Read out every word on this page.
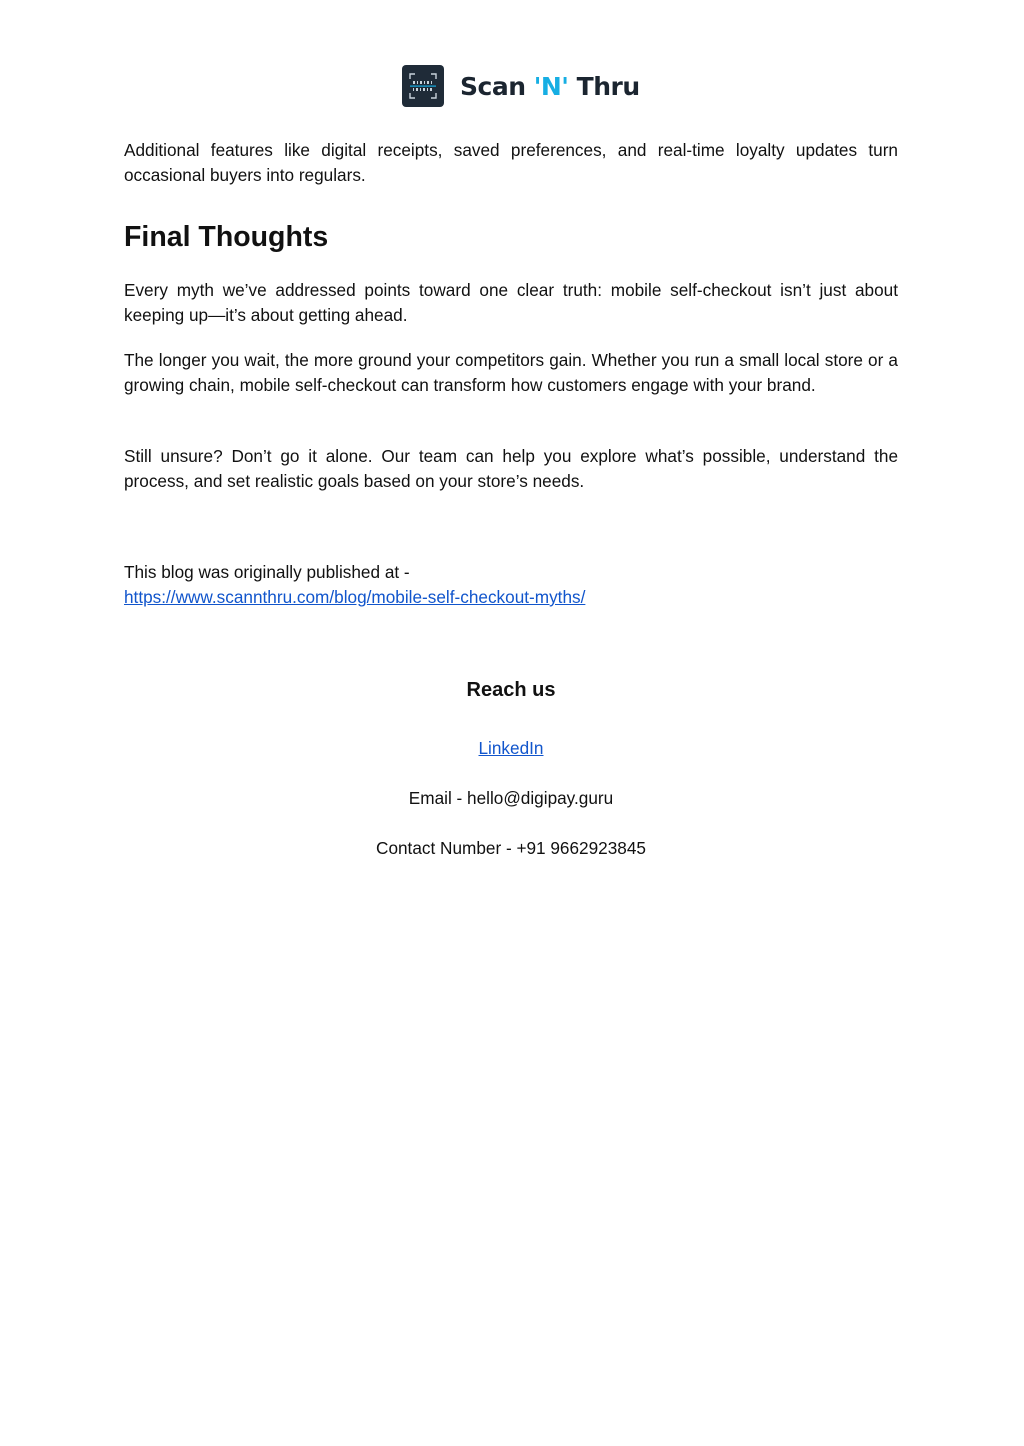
Scan 'N' Thru

Additional features like digital receipts, saved preferences, and real-time loyalty updates turn occasional buyers into regulars.

Final Thoughts

Every myth we’ve addressed points toward one clear truth: mobile self-checkout isn’t just about keeping up—it’s about getting ahead.

The longer you wait, the more ground your competitors gain. Whether you run a small local store or a growing chain, mobile self-checkout can transform how customers engage with your brand.

Still unsure? Don’t go it alone. Our team can help you explore what’s possible, understand the process, and set realistic goals based on your store’s needs.

This blog was originally published at -
https://www.scannthru.com/blog/mobile-self-checkout-myths/

Reach us
LinkedIn
Email - hello@digipay.guru
Contact Number - +91 9662923845
